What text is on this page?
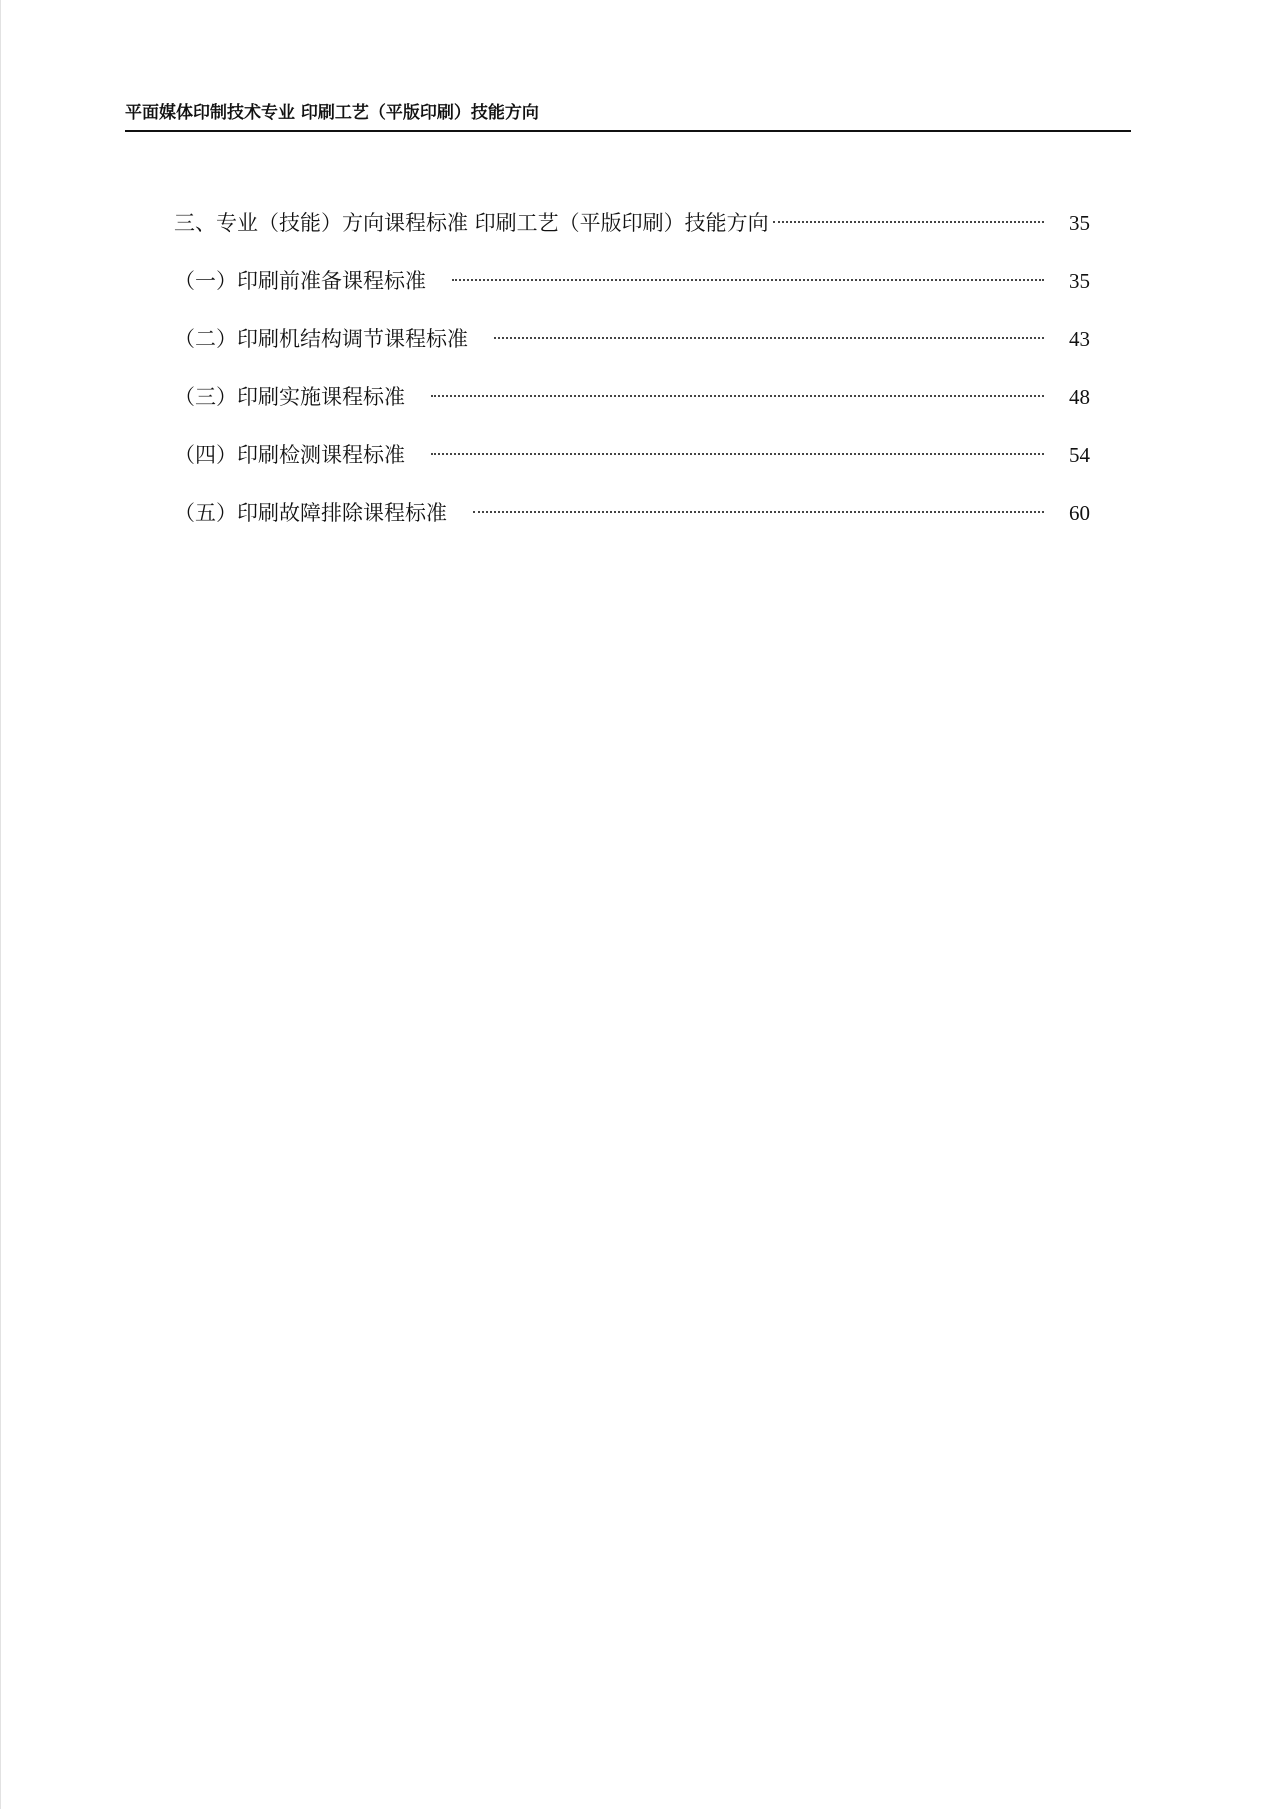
平面媒体印制技术专业 印刷工艺（平版印刷）技能方向
三、专业（技能）方向课程标准 印刷工艺（平版印刷）技能方向	35
（一）印刷前准备课程标准	35
（二）印刷机结构调节课程标准	43
（三）印刷实施课程标准	48
（四）印刷检测课程标准	54
（五）印刷故障排除课程标准	60
